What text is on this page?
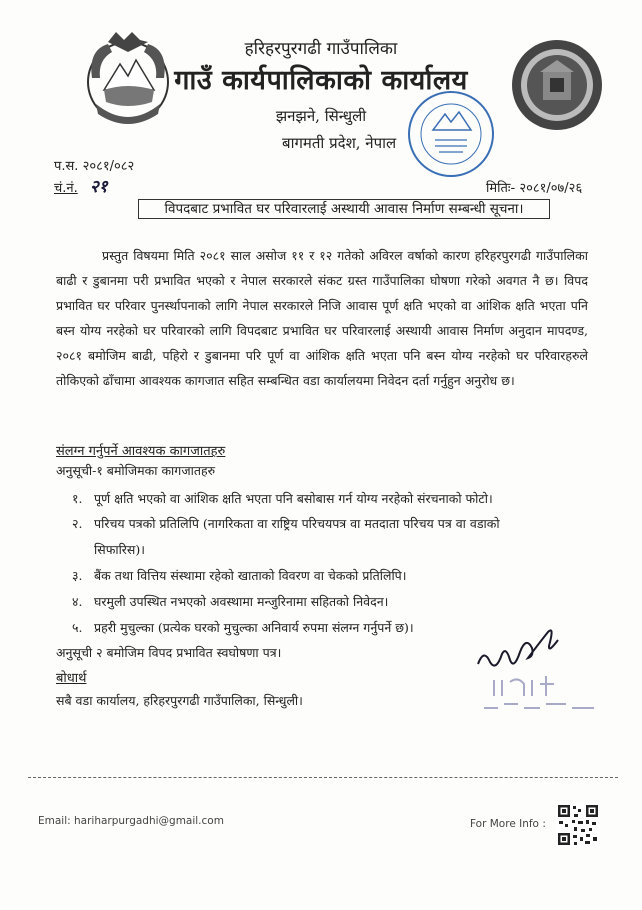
हरिहरपुरगढी गाउँपालिका
गाउँ कार्यपालिकाको कार्यालय
झनझने, सिन्धुली
बागमती प्रदेश, नेपाल
प.स. २०८१/०८२
चं.नं. २१	मितिः- २०८१/०७/२६
विपदबाट प्रभावित घर परिवारलाई अस्थायी आवास निर्माण सम्बन्धी सूचना।
प्रस्तुत विषयमा मिति २०८१ साल असोज ११ र १२ गतेको अविरल वर्षाको कारण हरिहरपुरगढी गाउँपालिका बाढी र डुबानमा परी प्रभावित भएको र नेपाल सरकारले संकट ग्रस्त गाउँपालिका घोषणा गरेको अवगत नै छ। विपद प्रभावित घर परिवार पुनर्स्थापनाको लागि नेपाल सरकारले निजि आवास पूर्ण क्षति भएको वा आंशिक क्षति भएता पनि बस्न योग्य नरहेको घर परिवारको लागि विपदबाट प्रभावित घर परिवारलाई अस्थायी आवास निर्माण अनुदान मापदण्ड, २०८१ बमोजिम बाढी, पहिरो र डुबानमा परि पूर्ण वा आंशिक क्षति भएता पनि बस्न योग्य नरहेको घर परिवारहरुले तोकिएको ढाँचामा आवश्यक कागजात सहित सम्बन्धित वडा कार्यालयमा निवेदन दर्ता गर्नुहुन अनुरोध छ।
संलग्न गर्नुपर्ने आवश्यक कागजातहरु
अनुसूची-१ बमोजिमका कागजातहरु
१. पूर्ण क्षति भएको वा आंशिक क्षति भएता पनि बसोबास गर्न योग्य नरहेको संरचनाको फोटो।
२. परिचय पत्रको प्रतिलिपि (नागरिकता वा राष्ट्रिय परिचयपत्र वा मतदाता परिचय पत्र वा वडाको
सिफारिस)।
३. बैंक तथा वित्तिय संस्थामा रहेको खाताको विवरण वा चेकको प्रतिलिपि।
४. घरमुली उपस्थित नभएको अवस्थामा मन्जुरिनामा सहितको निवेदन।
५. प्रहरी मुचुल्का (प्रत्येक घरको मुचुल्का अनिवार्य रुपमा संलग्न गर्नुपर्ने छ)।
अनुसूची २ बमोजिम विपद प्रभावित स्वघोषणा पत्र।
बोधार्थ
सबै वडा कार्यालय, हरिहरपुरगढी गाउँपालिका, सिन्धुली।
Email: hariharpurgadhi@gmail.com	For More Info :
